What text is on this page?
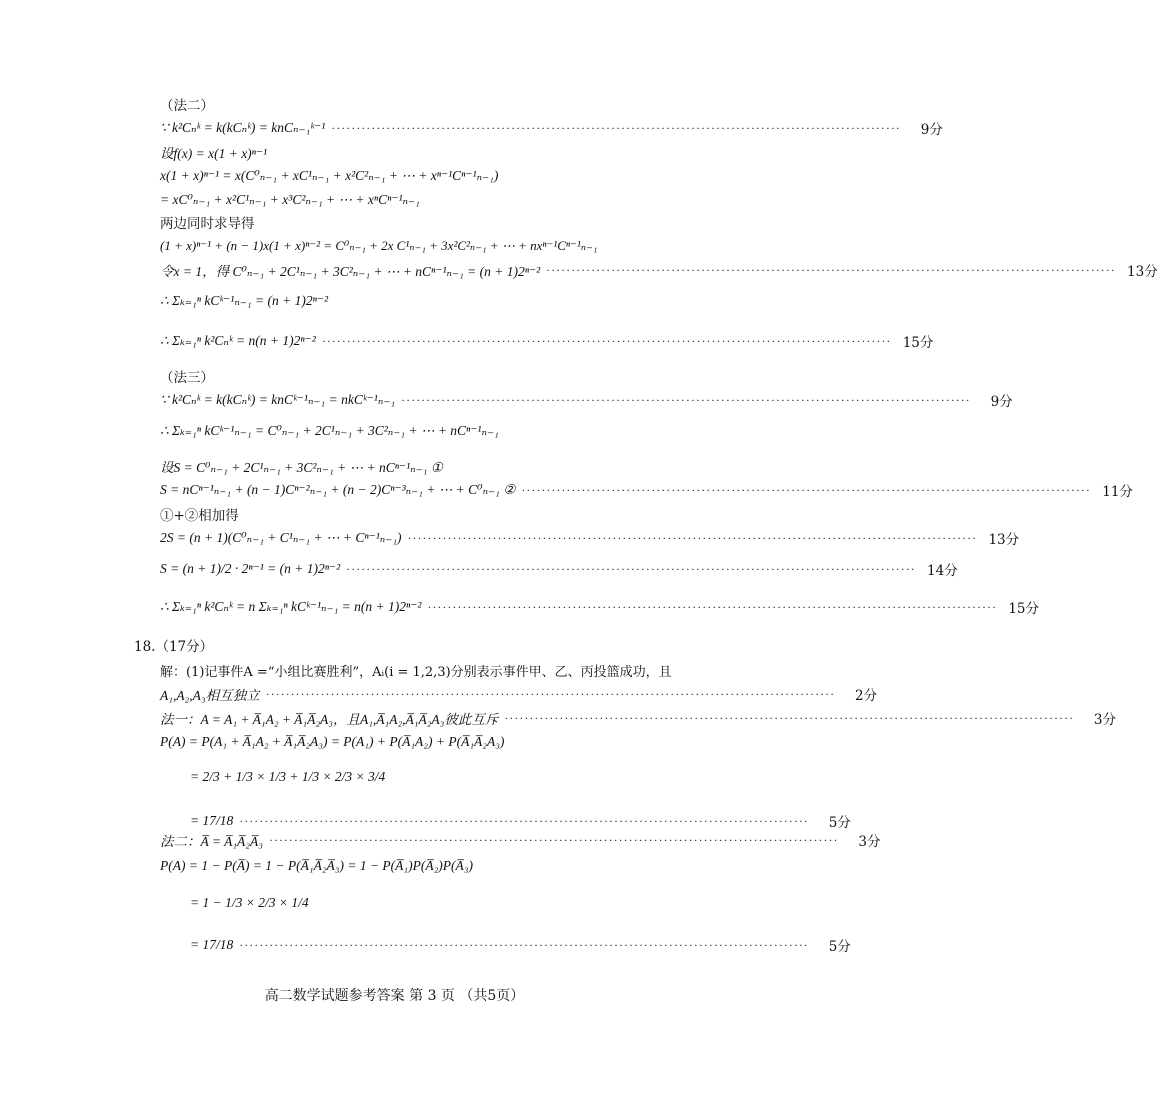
（法二）
∵ k²Cₙᵏ = k(kCₙᵏ) = knCₙ₋₁ᵏ⁻¹ ··················································································································	9分
设f(x) = x(1 + x)ⁿ⁻¹
x(1 + x)ⁿ⁻¹ = x(C⁰ₙ₋₁ + xC¹ₙ₋₁ + x²C²ₙ₋₁ + ⋯ + xⁿ⁻¹Cⁿ⁻¹ₙ₋₁)
= xC⁰ₙ₋₁ + x²C¹ₙ₋₁ + x³C²ₙ₋₁ + ⋯ + xⁿCⁿ⁻¹ₙ₋₁
两边同时求导得
(1 + x)ⁿ⁻¹ + (n − 1)x(1 + x)ⁿ⁻² = C⁰ₙ₋₁ + 2x C¹ₙ₋₁ + 3x²C²ₙ₋₁ + ⋯ + nxⁿ⁻¹Cⁿ⁻¹ₙ₋₁
令x = 1，得 C⁰ₙ₋₁ + 2C¹ₙ₋₁ + 3C²ₙ₋₁ + ⋯ + nCⁿ⁻¹ₙ₋₁ = (n + 1)2ⁿ⁻² ·················································································································· 13分
∴ Σₖ₌₁ⁿ kCᵏ⁻¹ₙ₋₁ = (n + 1)2ⁿ⁻²
∴ Σₖ₌₁ⁿ k²Cₙᵏ = n(n + 1)2ⁿ⁻² ·················································································································· 15分
（法三）
∵ k²Cₙᵏ = k(kCₙᵏ) = knCᵏ⁻¹ₙ₋₁ = nkCᵏ⁻¹ₙ₋₁ ··················································································································	9分
∴ Σₖ₌₁ⁿ kCᵏ⁻¹ₙ₋₁ = C⁰ₙ₋₁ + 2C¹ₙ₋₁ + 3C²ₙ₋₁ + ⋯ + nCⁿ⁻¹ₙ₋₁
设S = C⁰ₙ₋₁ + 2C¹ₙ₋₁ + 3C²ₙ₋₁ + ⋯ + nCⁿ⁻¹ₙ₋₁ ①
S = nCⁿ⁻¹ₙ₋₁ + (n − 1)Cⁿ⁻²ₙ₋₁ + (n − 2)Cⁿ⁻³ₙ₋₁ + ⋯ + C⁰ₙ₋₁ ② ·················································································································· 11分
①+②相加得
2S = (n + 1)(C⁰ₙ₋₁ + C¹ₙ₋₁ + ⋯ + Cⁿ⁻¹ₙ₋₁) ·················································································································· 13分
S = (n + 1)/2 · 2ⁿ⁻¹ = (n + 1)2ⁿ⁻² ·················································································································· 14分
∴ Σₖ₌₁ⁿ k²Cₙᵏ = n Σₖ₌₁ⁿ kCᵏ⁻¹ₙ₋₁ = n(n + 1)2ⁿ⁻² ·················································································································· 15分
18.（17分）
解：(1)记事件A =“小组比赛胜利”，Aᵢ(i = 1,2,3)分别表示事件甲、乙、丙投篮成功，且
A₁,A₂,A₃相互独立 ··················································································································	2分
法一：A = A₁ + A̅₁A₂ + A̅₁A̅₂A₃，且A₁,A̅₁A₂,A̅₁A̅₂A₃彼此互斥 ··················································································································	3分
P(A) = P(A₁ + A̅₁A₂ + A̅₁A̅₂A₃) = P(A₁) + P(A̅₁A₂) + P(A̅₁A̅₂A₃)
= 2/3 + 1/3 × 1/3 + 1/3 × 2/3 × 3/4
= 17/18 ··················································································································	5分
法二：A̅ = A̅₁A̅₂A̅₃ ··················································································································	3分
P(A) = 1 − P(A̅) = 1 − P(A̅₁A̅₂A̅₃) = 1 − P(A̅₁)P(A̅₂)P(A̅₃)
= 1 − 1/3 × 2/3 × 1/4
= 17/18 ··················································································································	5分
高二数学试题参考答案 第 3 页 （共5页）
